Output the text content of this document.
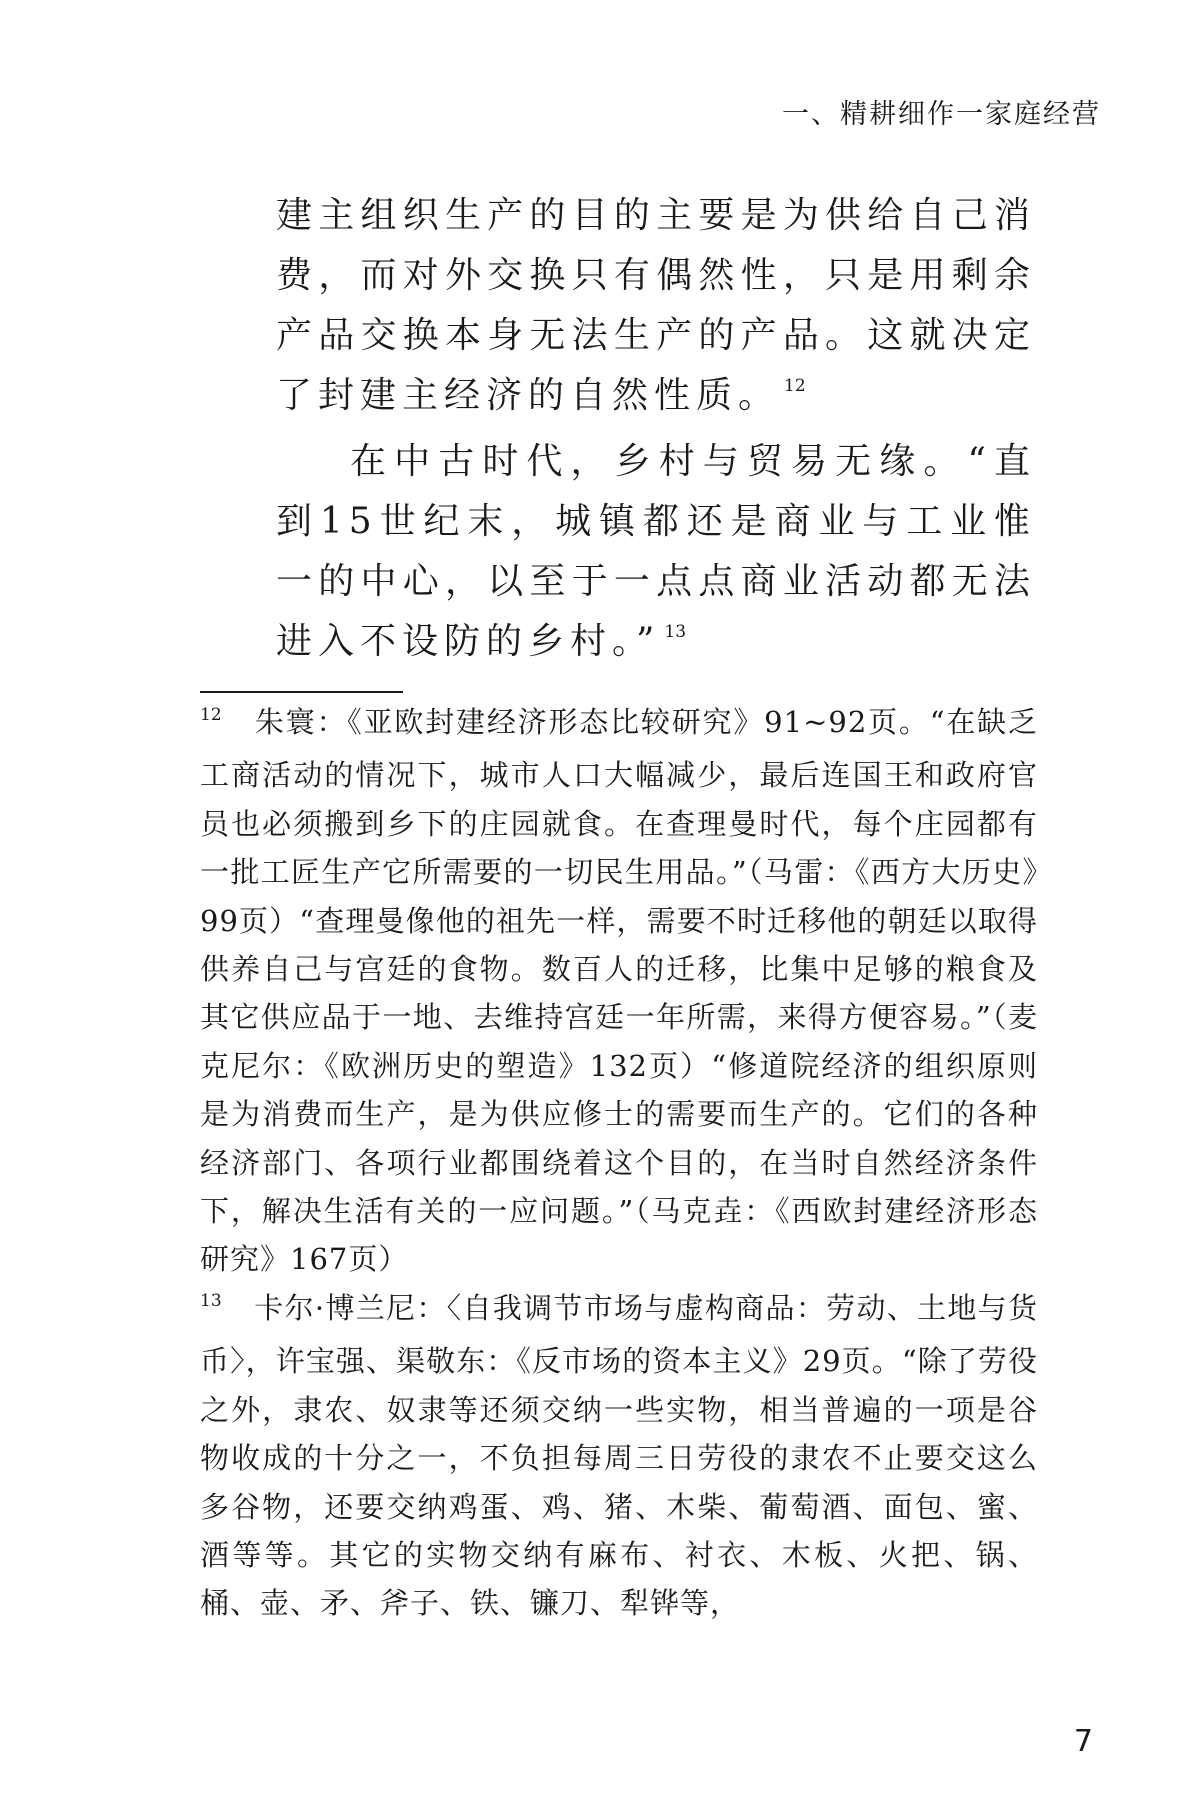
一、精耕细作一家庭经营

建主组织生产的目的主要是为供给自己消费，而对外交换只有偶然性，只是用剩余产品交换本身无法生产的产品。这就决定了封建主经济的自然性质。 $^{12}$

在中古时代，乡村与贸易无缘。“直到15世纪末，城镇都还是商业与工业惟一的中心，以至于一点点商业活动都无法进入不设防的乡村。” $^{13}$

12 朱寰：《亚欧封建经济形态比较研究》91~92页。“在缺乏工商活动的情况下，城市人口大幅减少，最后连国王和政府官员也必须搬到乡下的庄园就食。在查理曼时代，每个庄园都有一批工匠生产它所需要的一切民生用品。”（马雷：《西方大历史》99页）“查理曼像他的祖先一样，需要不时迁移他的朝廷以取得供养自己与宫廷的食物。数百人的迁移，比集中足够的粮食及其它供应品于一地、去维持宫廷一年所需，来得方便容易。”（麦克尼尔：《欧洲历史的塑造》132页）“修道院经济的组织原则是为消费而生产，是为供应修士的需要而生产的。它们的各种经济部门、各项行业都围绕着这个目的，在当时自然经济条件下，解决生活有关的一应问题。”（马克垚：《西欧封建经济形态研究》167页）

13 卡尔·博兰尼：〈自我调节市场与虚构商品：劳动、土地与货币〉，许宝强、渠敬东：《反市场的资本主义》29页。“除了劳役之外，隶农、奴隶等还须交纳一些实物，相当普遍的一项是谷物收成的十分之一，不负担每周三日劳役的隶农不止要交这么多谷物，还要交纳鸡蛋、鸡、猪、木柴、葡萄酒、面包、蜜、酒等等。其它的实物交纳有麻布、衬衣、木板、火把、锅、桶、壶、矛、斧子、铁、镰刀、犁铧等，

7
